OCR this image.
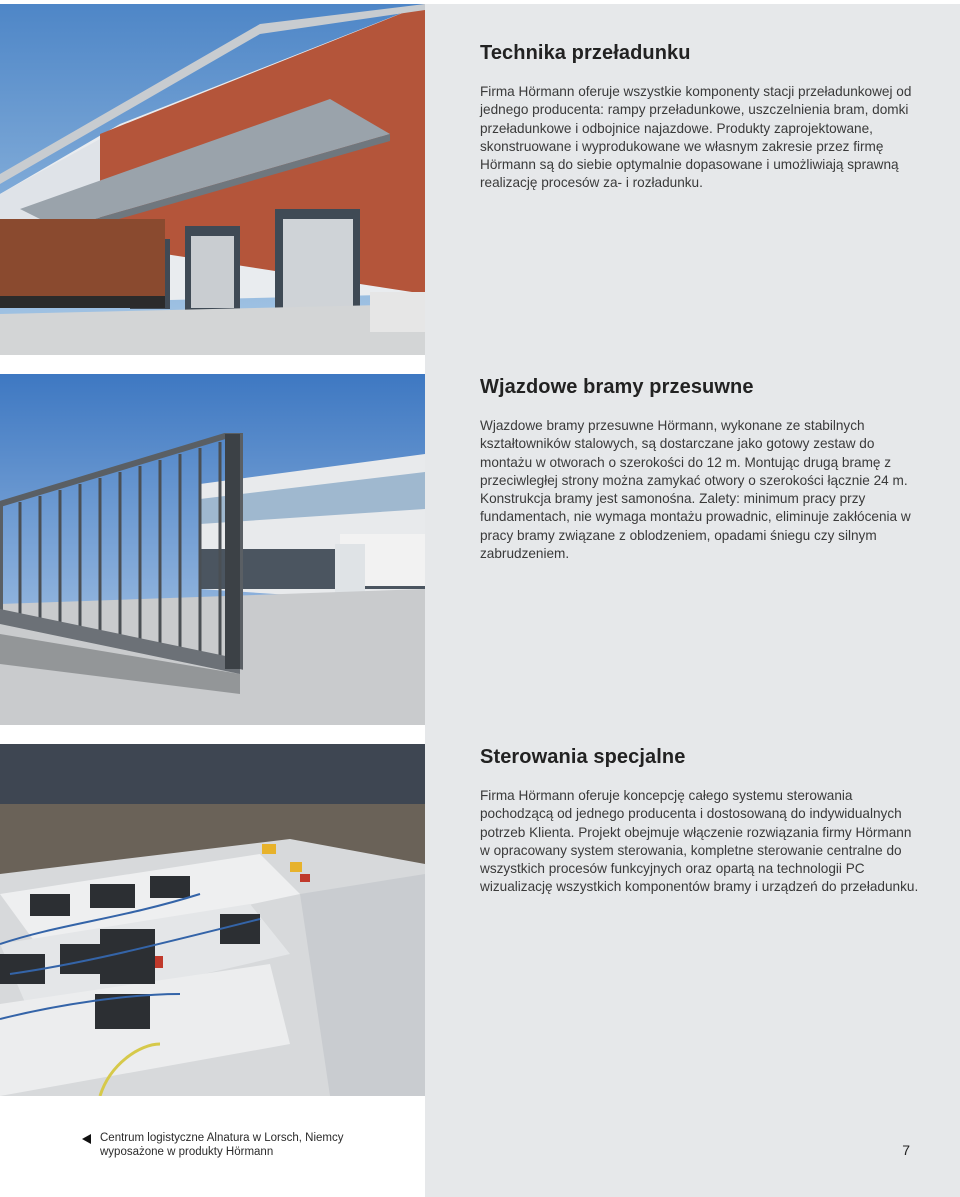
Technika przeładunku

Firma Hörmann oferuje wszystkie komponenty stacji przeładunkowej od jednego producenta: rampy przeładunkowe, uszczelnienia bram, domki przeładunkowe i odbojnice najazdowe. Produkty zaprojektowane, skonstruowane i wyprodukowane we własnym zakresie przez firmę Hörmann są do siebie optymalnie dopasowane i umożliwiają sprawną realizację procesów za- i rozładunku.

Wjazdowe bramy przesuwne

Wjazdowe bramy przesuwne Hörmann, wykonane ze stabilnych kształtowników stalowych, są dostarczane jako gotowy zestaw do montażu w otworach o szerokości do 12 m. Montując drugą bramę z przeciwległej strony można zamykać otwory o szerokości łącznie 24 m. Konstrukcja bramy jest samonośna. Zalety: minimum pracy przy fundamentach, nie wymaga montażu prowadnic, eliminuje zakłócenia w pracy bramy związane z oblodzeniem, opadami śniegu czy silnym zabrudzeniem.

Sterowania specjalne

Firma Hörmann oferuje koncepcję całego systemu sterowania pochodzącą od jednego producenta i dostosowaną do indywidualnych potrzeb Klienta. Projekt obejmuje włączenie rozwiązania firmy Hörmann w opracowany system sterowania, kompletne sterowanie centralne do wszystkich procesów funkcyjnych oraz opartą na technologii PC wizualizację wszystkich komponentów bramy i urządzeń do przeładunku.

Centrum logistyczne Alnatura w Lorsch, Niemcy
wyposażone w produkty Hörmann	7
